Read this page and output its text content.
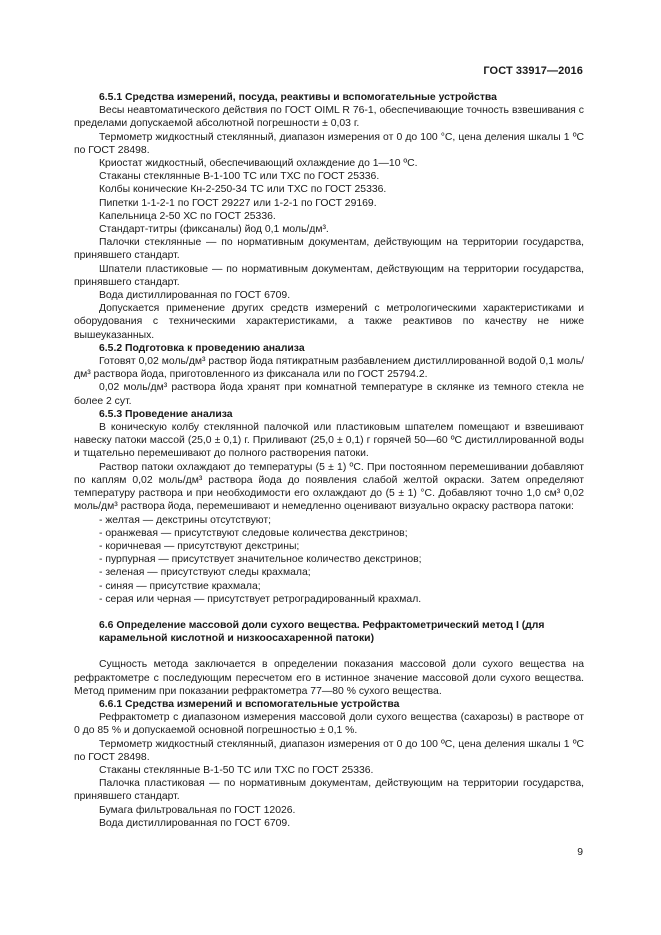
ГОСТ 33917—2016
6.5.1 Средства измерений, посуда, реактивы и вспомогательные устройства
Весы неавтоматического действия по ГОСТ OIML R 76-1, обеспечивающие точность взвешивания с пределами допускаемой абсолютной погрешности ± 0,03 г.
Термометр жидкостный стеклянный, диапазон измерения от 0 до 100 °С, цена деления шкалы 1 ºС по ГОСТ 28498.
Криостат жидкостный, обеспечивающий охлаждение до 1—10 ºС.
Стаканы стеклянные В-1-100 ТС или ТХС по ГОСТ 25336.
Колбы конические Кн-2-250-34 ТС или ТХС по ГОСТ 25336.
Пипетки 1-1-2-1 по ГОСТ 29227 или 1-2-1 по ГОСТ 29169.
Капельница 2-50 ХС по ГОСТ 25336.
Стандарт-титры (фиксаналы) йод 0,1 моль/дм³.
Палочки стеклянные — по нормативным документам, действующим на территории государства, принявшего стандарт.
Шпатели пластиковые — по нормативным документам, действующим на территории государства, принявшего стандарт.
Вода дистиллированная по ГОСТ 6709.
Допускается применение других средств измерений с метрологическими характеристиками и оборудования с техническими характеристиками, а также реактивов по качеству не ниже вышеуказанных.
6.5.2 Подготовка к проведению анализа
Готовят 0,02 моль/дм³ раствор йода пятикратным разбавлением дистиллированной водой 0,1 моль/дм³ раствора йода, приготовленного из фиксанала или по ГОСТ 25794.2.
0,02 моль/дм³ раствора йода хранят при комнатной температуре в склянке из темного стекла не более 2 сут.
6.5.3 Проведение анализа
В коническую колбу стеклянной палочкой или пластиковым шпателем помещают и взвешивают навеску патоки массой (25,0 ± 0,1) г. Приливают (25,0 ± 0,1) г горячей 50—60 ºС дистиллированной воды и тщательно перемешивают до полного растворения патоки.
Раствор патоки охлаждают до температуры (5 ± 1) ºС. При постоянном перемешивании добавляют по каплям 0,02 моль/дм³ раствора йода до появления слабой желтой окраски. Затем определяют температуру раствора и при необходимости его охлаждают до (5 ± 1) °С. Добавляют точно 1,0 см³ 0,02 моль/дм³ раствора йода, перемешивают и немедленно оценивают визуально окраску раствора патоки:
- желтая — декстрины отсутствуют;
- оранжевая — присутствуют следовые количества декстринов;
- коричневая — присутствуют декстрины;
- пурпурная — присутствует значительное количество декстринов;
- зеленая — присутствуют следы крахмала;
- синяя — присутствие крахмала;
- серая или черная — присутствует ретроградированный крахмал.
6.6 Определение массовой доли сухого вещества. Рефрактометрический метод I (для карамельной кислотной и низкоосахаренной патоки)
Сущность метода заключается в определении показания массовой доли сухого вещества на рефрактометре с последующим пересчетом его в истинное значение массовой доли сухого вещества. Метод применим при показании рефрактометра 77—80 % сухого вещества.
6.6.1 Средства измерений и вспомогательные устройства
Рефрактометр с диапазоном измерения массовой доли сухого вещества (сахарозы) в растворе от 0 до 85 % и допускаемой основной погрешностью ± 0,1 %.
Термометр жидкостный стеклянный, диапазон измерения от 0 до 100 ºС, цена деления шкалы 1 ºС по ГОСТ 28498.
Стаканы стеклянные В-1-50 ТС или ТХС по ГОСТ 25336.
Палочка пластиковая — по нормативным документам, действующим на территории государства, принявшего стандарт.
Бумага фильтровальная по ГОСТ 12026.
Вода дистиллированная по ГОСТ 6709.
9
